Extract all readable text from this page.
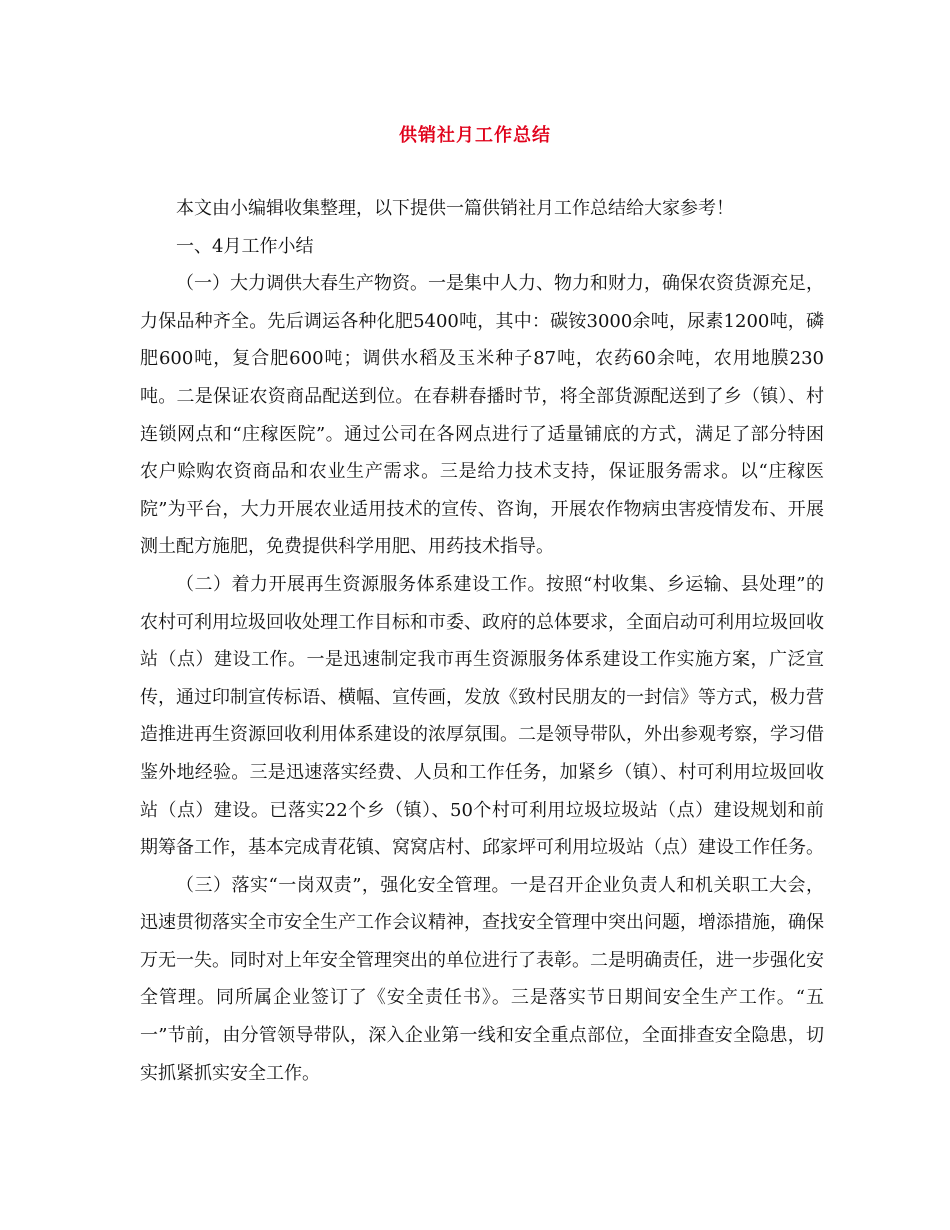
供销社月工作总结

本文由小编辑收集整理，以下提供一篇供销社月工作总结给大家参考！

一、4月工作小结

（一）大力调供大春生产物资。一是集中人力、物力和财力，确保农资货源充足，力保品种齐全。先后调运各种化肥5400吨，其中：碳铵3000余吨，尿素1200吨，磷肥600吨，复合肥600吨；调供水稻及玉米种子87吨，农药60余吨，农用地膜230吨。二是保证农资商品配送到位。在春耕春播时节，将全部货源配送到了乡（镇）、村连锁网点和“庄稼医院”。通过公司在各网点进行了适量铺底的方式，满足了部分特困农户赊购农资商品和农业生产需求。三是给力技术支持，保证服务需求。以“庄稼医院”为平台，大力开展农业适用技术的宣传、咨询，开展农作物病虫害疫情发布、开展测土配方施肥，免费提供科学用肥、用药技术指导。

（二）着力开展再生资源服务体系建设工作。按照“村收集、乡运输、县处理”的农村可利用垃圾回收处理工作目标和市委、政府的总体要求，全面启动可利用垃圾回收站（点）建设工作。一是迅速制定我市再生资源服务体系建设工作实施方案，广泛宣传，通过印制宣传标语、横幅、宣传画，发放《致村民朋友的一封信》等方式，极力营造推进再生资源回收利用体系建设的浓厚氛围。二是领导带队，外出参观考察，学习借鉴外地经验。三是迅速落实经费、人员和工作任务，加紧乡（镇）、村可利用垃圾回收站（点）建设。已落实22个乡（镇）、50个村可利用垃圾垃圾站（点）建设规划和前期筹备工作，基本完成青花镇、窝窝店村、邱家坪可利用垃圾站（点）建设工作任务。

（三）落实“一岗双责”，强化安全管理。一是召开企业负责人和机关职工大会，迅速贯彻落实全市安全生产工作会议精神，查找安全管理中突出问题，增添措施，确保万无一失。同时对上年安全管理突出的单位进行了表彰。二是明确责任，进一步强化安全管理。同所属企业签订了《安全责任书》。三是落实节日期间安全生产工作。“五一”节前，由分管领导带队，深入企业第一线和安全重点部位，全面排查安全隐患，切实抓紧抓实安全工作。
